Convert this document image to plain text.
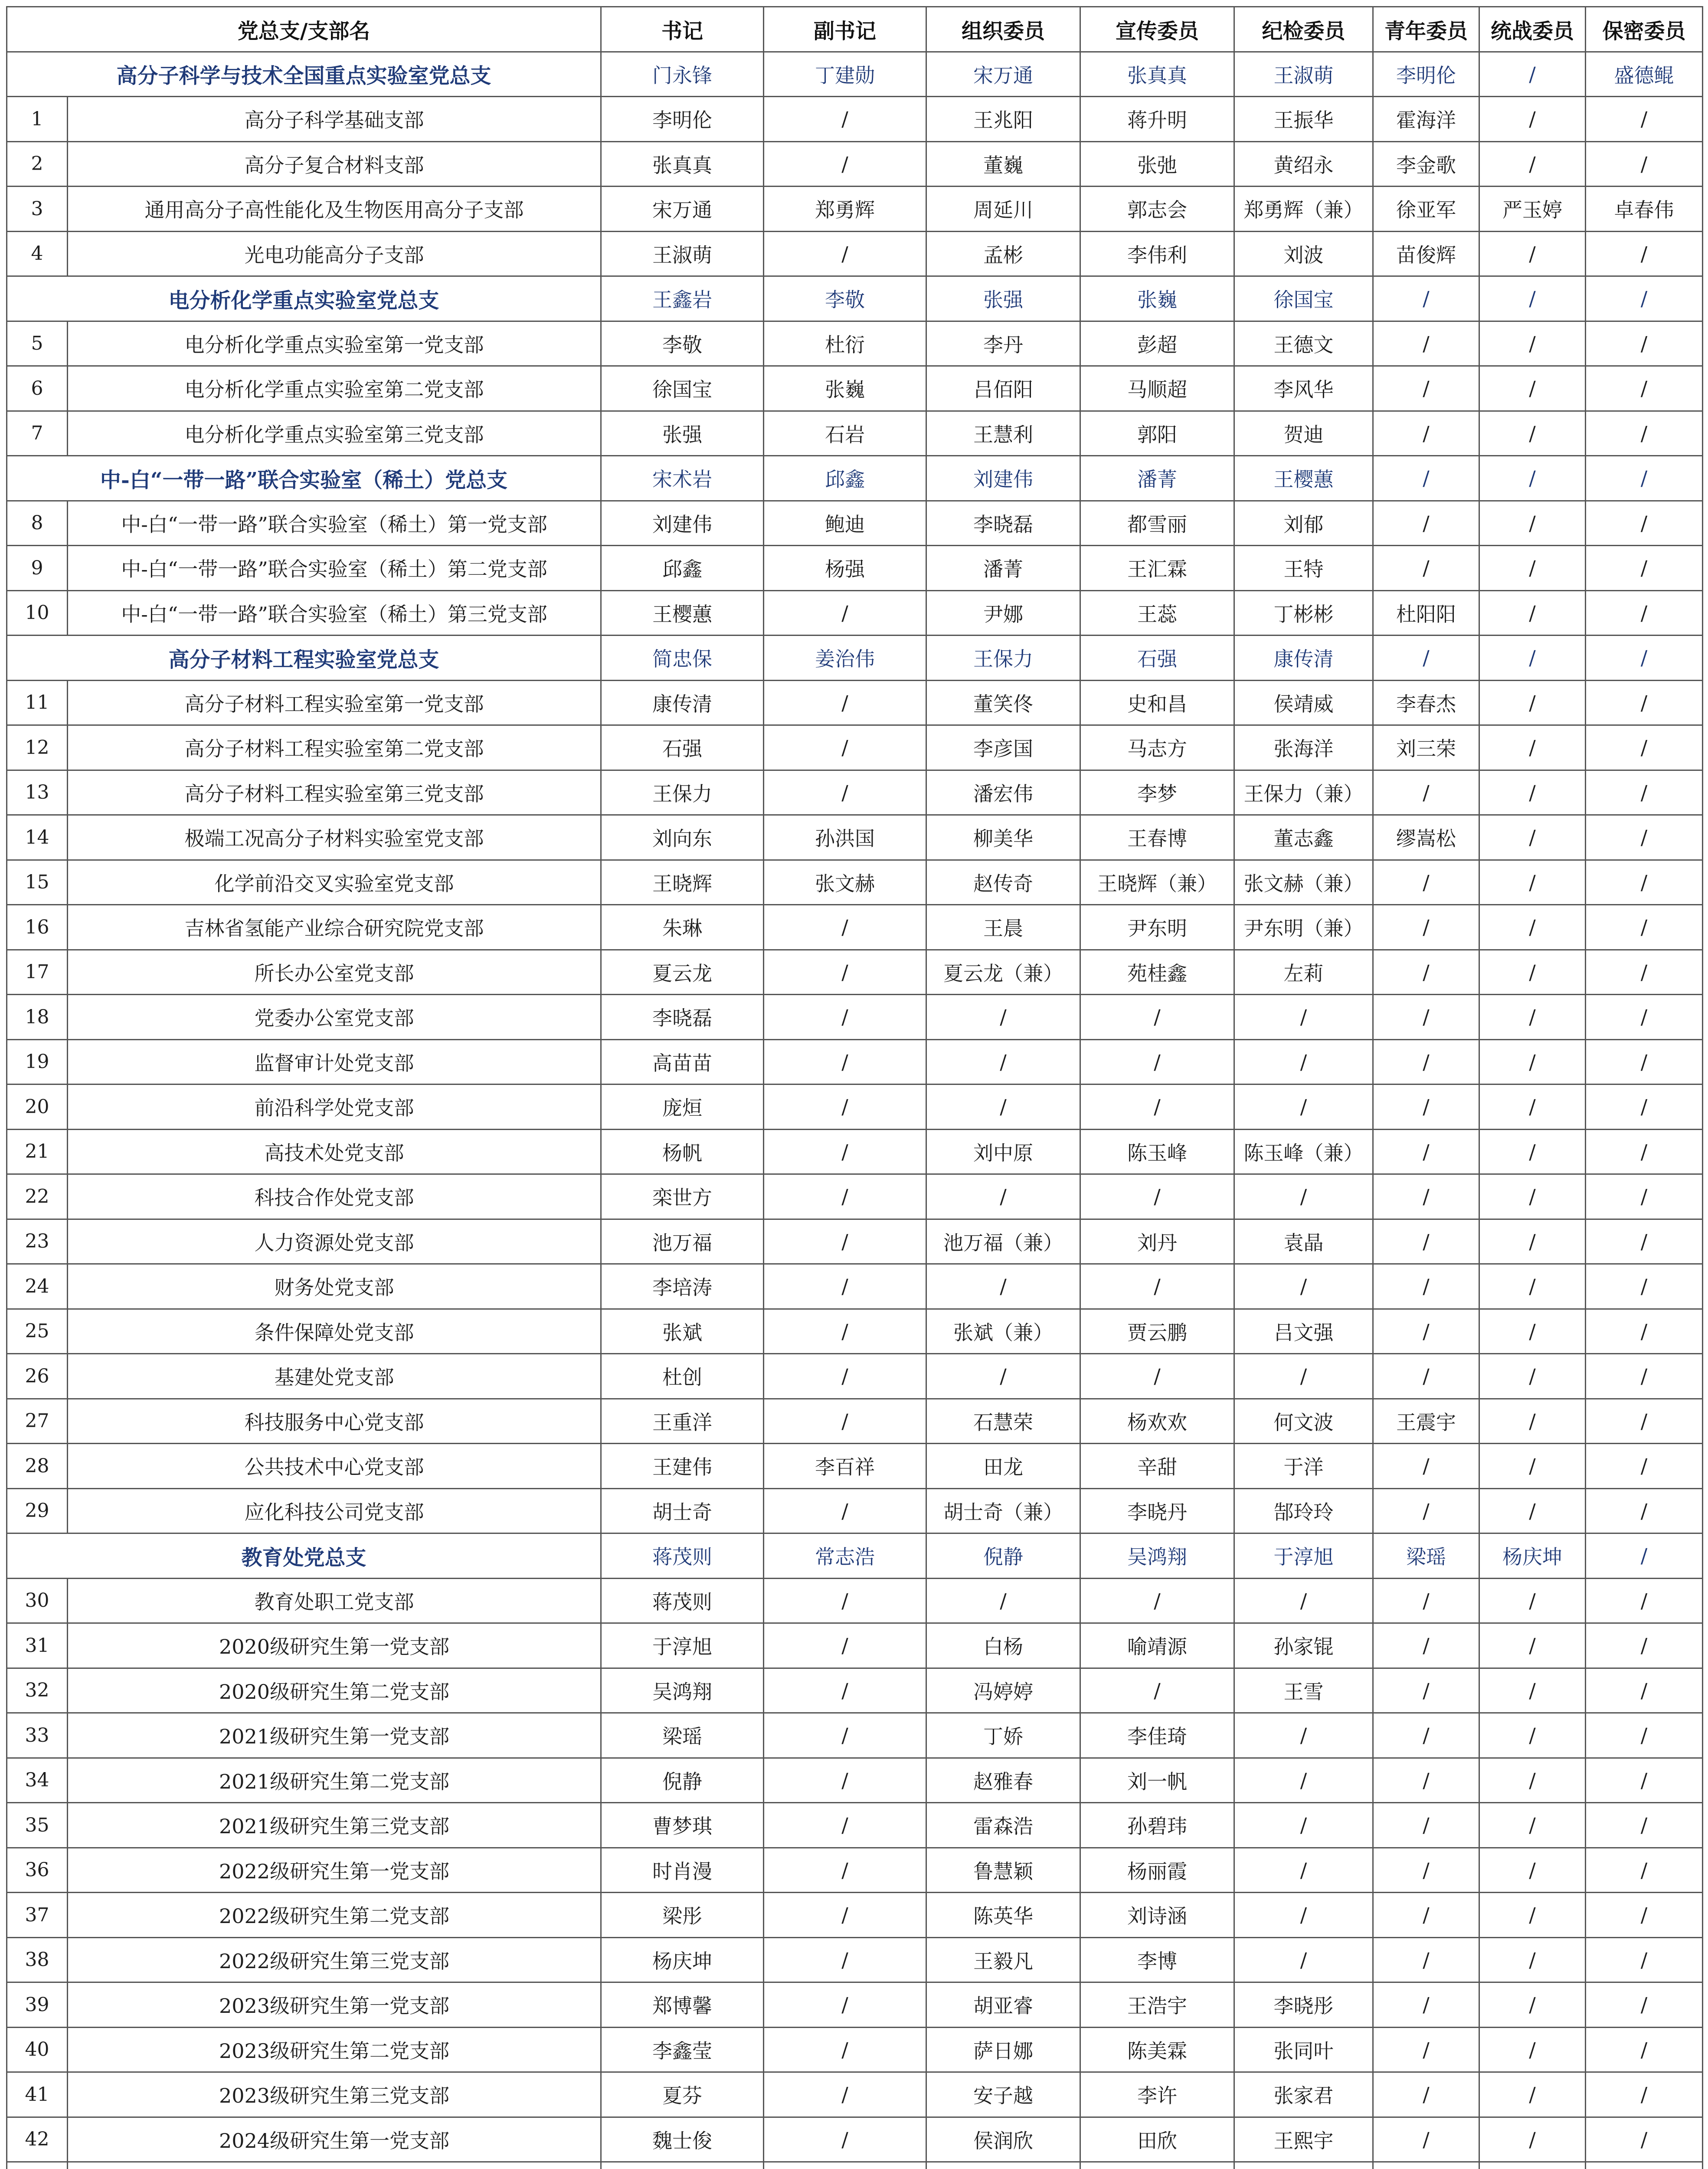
党总支/支部名		书记	副书记	组织委员	宣传委员	纪检委员	青年委员	统战委员	保密委员
高分子科学与技术全国重点实验室党总支		门永锋	丁建勋	宋万通	张真真	王淑萌	李明伦	/	盛德鲲
1	高分子科学基础支部	李明伦	/	王兆阳	蒋升明	王振华	霍海洋	/	/
2	高分子复合材料支部	张真真	/	董巍	张弛	黄绍永	李金歌	/	/
3	通用高分子高性能化及生物医用高分子支部	宋万通	郑勇辉	周延川	郭志会	郑勇辉（兼）	徐亚军	严玉婷	卓春伟
4	光电功能高分子支部	王淑萌	/	孟彬	李伟利	刘波	苗俊辉	/	/
电分析化学重点实验室党总支		王鑫岩	李敬	张强	张巍	徐国宝	/	/	/
5	电分析化学重点实验室第一党支部	李敬	杜衍	李丹	彭超	王德文	/	/	/
6	电分析化学重点实验室第二党支部	徐国宝	张巍	吕佰阳	马顺超	李风华	/	/	/
7	电分析化学重点实验室第三党支部	张强	石岩	王慧利	郭阳	贺迪	/	/	/
中-白“一带一路”联合实验室（稀土）党总支		宋术岩	邱鑫	刘建伟	潘菁	王樱蕙	/	/	/
8	中-白“一带一路”联合实验室（稀土）第一党支部	刘建伟	鲍迪	李晓磊	都雪丽	刘郁	/	/	/
9	中-白“一带一路”联合实验室（稀土）第二党支部	邱鑫	杨强	潘菁	王汇霖	王特	/	/	/
10	中-白“一带一路”联合实验室（稀土）第三党支部	王樱蕙	/	尹娜	王蕊	丁彬彬	杜阳阳	/	/
高分子材料工程实验室党总支		简忠保	姜治伟	王保力	石强	康传清	/	/	/
11	高分子材料工程实验室第一党支部	康传清	/	董笑佟	史和昌	侯靖威	李春杰	/	/
12	高分子材料工程实验室第二党支部	石强	/	李彦国	马志方	张海洋	刘三荣	/	/
13	高分子材料工程实验室第三党支部	王保力	/	潘宏伟	李梦	王保力（兼）	/	/	/
14	极端工况高分子材料实验室党支部	刘向东	孙洪国	柳美华	王春博	董志鑫	缪嵩松	/	/
15	化学前沿交叉实验室党支部	王晓辉	张文赫	赵传奇	王晓辉（兼）	张文赫（兼）	/	/	/
16	吉林省氢能产业综合研究院党支部	朱琳	/	王晨	尹东明	尹东明（兼）	/	/	/
17	所长办公室党支部	夏云龙	/	夏云龙（兼）	苑桂鑫	左莉	/	/	/
18	党委办公室党支部	李晓磊	/	/	/	/	/	/	/
19	监督审计处党支部	高苗苗	/	/	/	/	/	/	/
20	前沿科学处党支部	庞烜	/	/	/	/	/	/	/
21	高技术处党支部	杨帆	/	刘中原	陈玉峰	陈玉峰（兼）	/	/	/
22	科技合作处党支部	栾世方	/	/	/	/	/	/	/
23	人力资源处党支部	池万福	/	池万福（兼）	刘丹	袁晶	/	/	/
24	财务处党支部	李培涛	/	/	/	/	/	/	/
25	条件保障处党支部	张斌	/	张斌（兼）	贾云鹏	吕文强	/	/	/
26	基建处党支部	杜创	/	/	/	/	/	/	/
27	科技服务中心党支部	王重洋	/	石慧荣	杨欢欢	何文波	王震宇	/	/
28	公共技术中心党支部	王建伟	李百祥	田龙	辛甜	于洋	/	/	/
29	应化科技公司党支部	胡士奇	/	胡士奇（兼）	李晓丹	郜玲玲	/	/	/
教育处党总支		蒋茂则	常志浩	倪静	吴鸿翔	于淳旭	梁瑶	杨庆坤	/
30	教育处职工党支部	蒋茂则	/	/	/	/	/	/	/
31	2020级研究生第一党支部	于淳旭	/	白杨	喻靖源	孙家锟	/	/	/
32	2020级研究生第二党支部	吴鸿翔	/	冯婷婷	/	王雪	/	/	/
33	2021级研究生第一党支部	梁瑶	/	丁娇	李佳琦	/	/	/	/
34	2021级研究生第二党支部	倪静	/	赵雅春	刘一帆	/	/	/	/
35	2021级研究生第三党支部	曹梦琪	/	雷森浩	孙碧玮	/	/	/	/
36	2022级研究生第一党支部	时肖漫	/	鲁慧颖	杨丽霞	/	/	/	/
37	2022级研究生第二党支部	梁彤	/	陈英华	刘诗涵	/	/	/	/
38	2022级研究生第三党支部	杨庆坤	/	王毅凡	李博	/	/	/	/
39	2023级研究生第一党支部	郑博馨	/	胡亚睿	王浩宇	李晓彤	/	/	/
40	2023级研究生第二党支部	李鑫莹	/	萨日娜	陈美霖	张同叶	/	/	/
41	2023级研究生第三党支部	夏芬	/	安子越	李许	张家君	/	/	/
42	2024级研究生第一党支部	魏士俊	/	侯润欣	田欣	王熙宇	/	/	/
